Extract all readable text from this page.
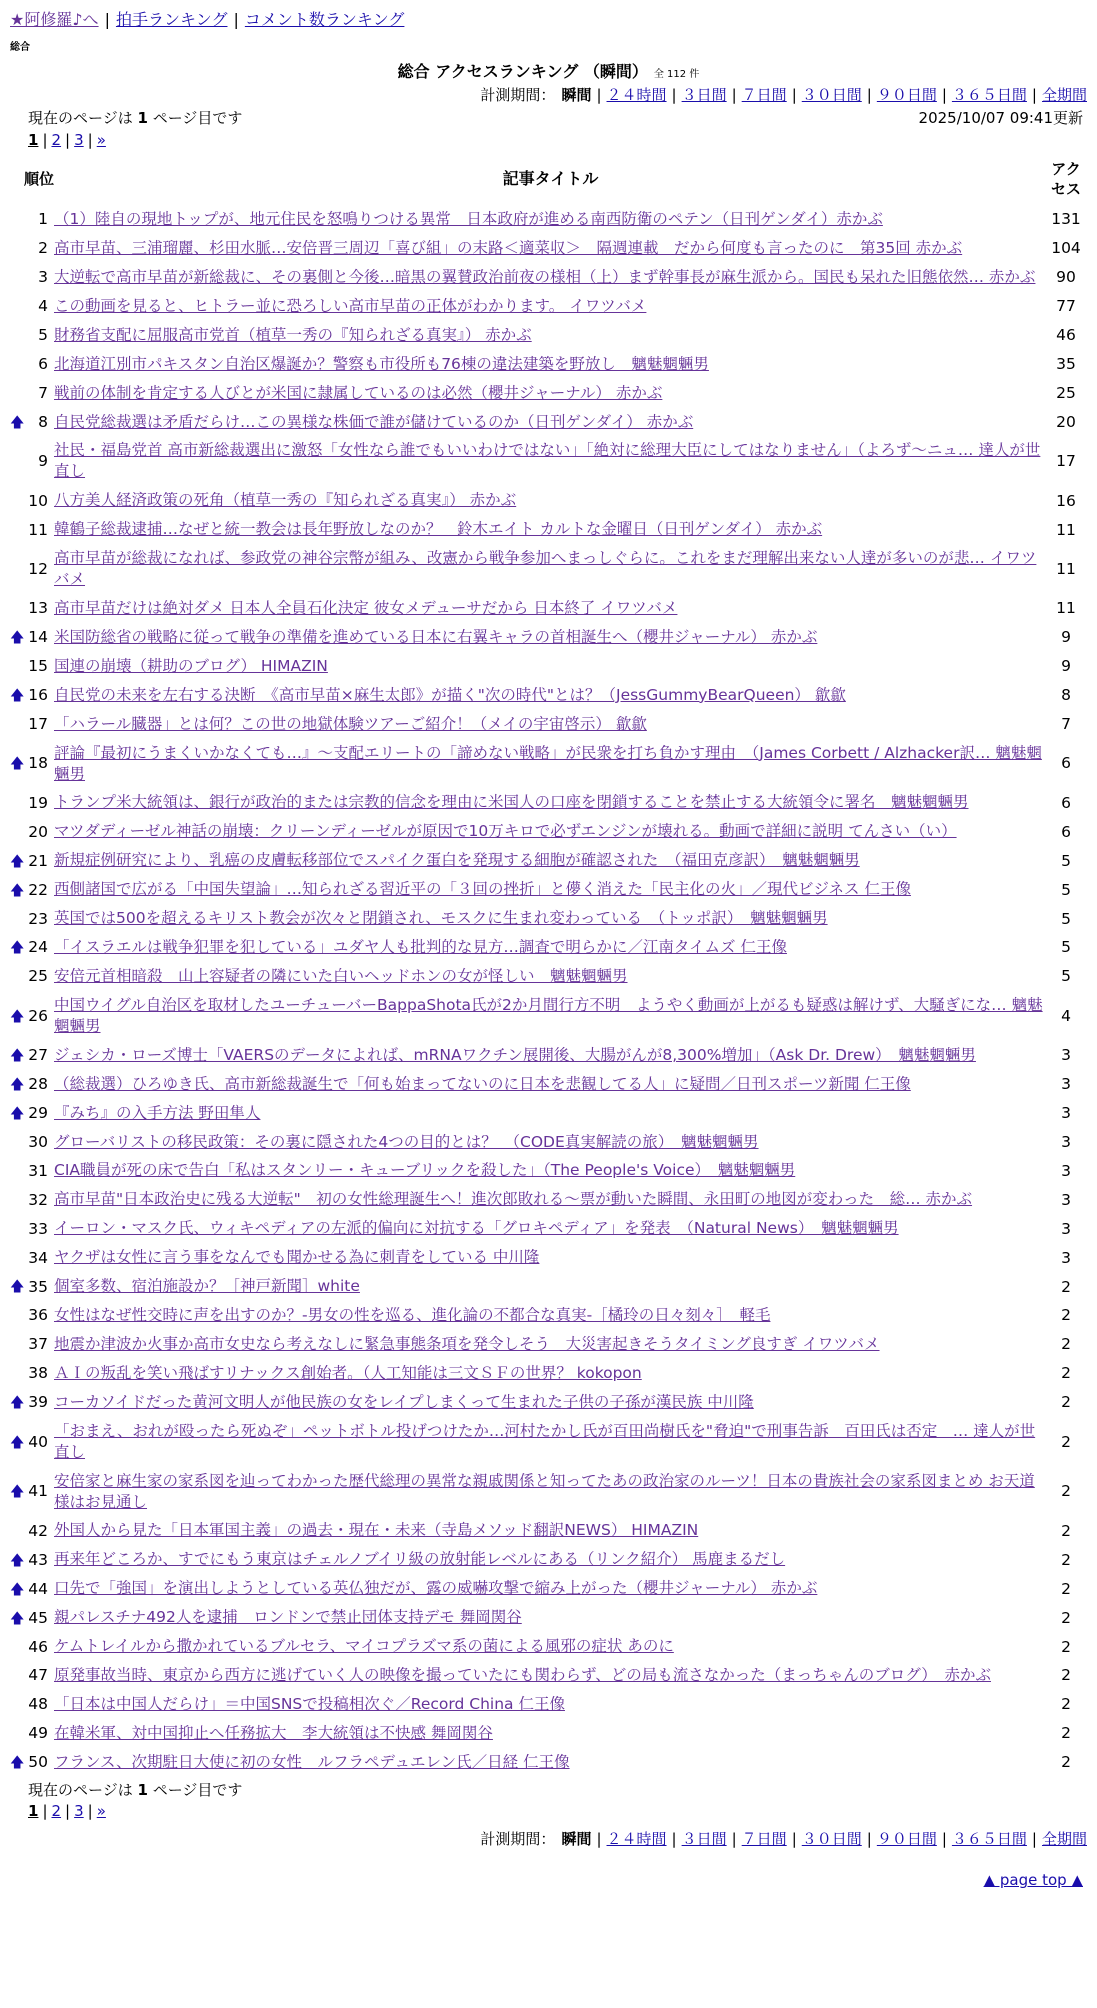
★阿修羅♪へ | 拍手ランキング | コメント数ランキング
総合
総合 アクセスランキング （瞬間） 全 112 件
計測期間： 瞬間 | ２４時間 | ３日間 | ７日間 | ３０日間 | ９０日間 | ３６５日間 | 全期間
現在のページは 1 ページ目です	2025/10/07 09:41更新
1 | 2 | 3 | »
	順位	記事タイトル	アクセス
	1	（1）陸自の現地トップが、地元住民を怒鳴りつける異常　日本政府が進める南西防衛のペテン（日刊ゲンダイ）赤かぶ	131
	2	高市早苗、三浦瑠麗、杉田水脈…安倍晋三周辺「喜び組」の末路＜適菜収＞　隔週連載　だから何度も言ったのに　第35回 赤かぶ	104
	3	大逆転で高市早苗が新総裁に、その裏側と今後…暗黒の翼賛政治前夜の様相（上）まず幹事長が麻生派から。国民も呆れた旧態依然… 赤かぶ	90
	4	この動画を見ると、ヒトラー並に恐ろしい高市早苗の正体がわかります。 イワツバメ	77
	5	財務省支配に屈服高市党首（植草一秀の『知られざる真実』） 赤かぶ	46
	6	北海道江別市パキスタン自治区爆誕か？警察も市役所も76棟の違法建築を野放し　魑魅魍魎男	35
	7	戦前の体制を肯定する人びとが米国に隷属しているのは必然（櫻井ジャーナル） 赤かぶ	25
🡅	8	自民党総裁選は矛盾だらけ…この異様な株価で誰が儲けているのか（日刊ゲンダイ） 赤かぶ	20
	9	社民・福島党首 高市新総裁選出に激怒「女性なら誰でもいいわけではない」「絶対に総理大臣にしてはなりません」（よろず〜ニュ… 達人が世直し	17
	10	八方美人経済政策の死角（植草一秀の『知られざる真実』） 赤かぶ	16
	11	韓鶴子総裁逮捕…なぜと統一教会は長年野放しなのか？　鈴木エイト カルトな金曜日（日刊ゲンダイ） 赤かぶ	11
	12	高市早苗が総裁になれば、参政党の神谷宗幣が組み、改憲から戦争参加へまっしぐらに。これをまだ理解出来ない人達が多いのが悲… イワツバメ	11
	13	高市早苗だけは絶対ダメ 日本人全員石化決定 彼女メデューサだから 日本終了 イワツバメ	11
🡅	14	米国防総省の戦略に従って戦争の準備を進めている日本に右翼キャラの首相誕生へ（櫻井ジャーナル） 赤かぶ	9
	15	国連の崩壊（耕助のブログ） HIMAZIN	9
🡅	16	自民党の未来を左右する決断　《高市早苗×麻生太郎》が描く"次の時代"とは？（JessGummyBearQueen） 歙歙	8
	17	「ハラール臓器」とは何？この世の地獄体験ツアーご紹介！（メイの宇宙啓示） 歙歙	7
🡅	18	評論『最初にうまくいかなくても…』〜支配エリートの「諦めない戦略」が民衆を打ち負かす理由　（James Corbett / Alzhacker訳… 魑魅魍魎男	6
	19	トランプ米大統領は、銀行が政治的または宗教的信念を理由に米国人の口座を閉鎖することを禁止する大統領令に署名　魑魅魍魎男	6
	20	マツダディーゼル神話の崩壊：クリーンディーゼルが原因で10万キロで必ずエンジンが壊れる。動画で詳細に説明 てんさい（い）	6
🡅	21	新規症例研究により、乳癌の皮膚転移部位でスパイク蛋白を発現する細胞が確認された　（福田克彦訳）　魑魅魍魎男	5
🡅	22	西側諸国で広がる「中国失望論」…知られざる習近平の「３回の挫折」と儚く消えた「民主化の火」／現代ビジネス 仁王像	5
	23	英国では500を超えるキリスト教会が次々と閉鎖され、モスクに生まれ変わっている　（トッポ訳）　魑魅魍魎男	5
🡅	24	「イスラエルは戦争犯罪を犯している」ユダヤ人も批判的な見方…調査で明らかに／江南タイムズ 仁王像	5
	25	安倍元首相暗殺　山上容疑者の隣にいた白いヘッドホンの女が怪しい　魑魅魍魎男	5
🡅	26	中国ウイグル自治区を取材したユーチューバーBappaShota氏が2か月間行方不明　ようやく動画が上がるも疑惑は解けず、大騒ぎにな… 魑魅魍魎男	4
🡅	27	ジェシカ・ローズ博士「VAERSのデータによれば、mRNAワクチン展開後、大腸がんが8,300%増加」（Ask Dr. Drew）　魑魅魍魎男	3
🡅	28	（総裁選）ひろゆき氏、高市新総裁誕生で「何も始まってないのに日本を悲観してる人」に疑問／日刊スポーツ新聞 仁王像	3
🡅	29	『みち』の入手方法 野田隼人	3
	30	グローバリストの移民政策：その裏に隠された4つの目的とは？　（CODE真実解読の旅）　魑魅魍魎男	3
	31	CIA職員が死の床で告白「私はスタンリー・キューブリックを殺した」（The People's Voice）　魑魅魍魎男	3
	32	高市早苗"日本政治史に残る大逆転"　初の女性総理誕生へ！進次郎敗れる〜票が動いた瞬間、永田町の地図が変わった　総… 赤かぶ	3
	33	イーロン・マスク氏、ウィキペディアの左派的偏向に対抗する「グロキペディア」を発表　（Natural News）　魑魅魍魎男	3
	34	ヤクザは女性に言う事をなんでも聞かせる為に刺青をしている 中川隆	3
🡅	35	個室多数、宿泊施設か？［神戸新聞］white	2
	36	女性はなぜ性交時に声を出すのか？-男女の性を巡る、進化論の不都合な真実-［橘玲の日々刻々］　軽毛	2
	37	地震か津波か火事か高市女史なら考えなしに緊急事態条項を発令しそう　大災害起きそうタイミング良すぎ イワツバメ	2
	38	ＡＩの叛乱を笑い飛ばすリナックス創始者。（人工知能は三文ＳＦの世界？ kokopon	2
🡅	39	コーカソイドだった黄河文明人が他民族の女をレイプしまくって生まれた子供の子孫が漢民族 中川隆	2
🡅	40	「おまえ、おれが殴ったら死ぬぞ」ペットボトル投げつけたか…河村たかし氏が百田尚樹氏を"脅迫"で刑事告訴　百田氏は否定　… 達人が世直し	2
🡅	41	安倍家と麻生家の家系図を辿ってわかった歴代総理の異常な親戚関係と知ってたあの政治家のルーツ！日本の貴族社会の家系図まとめ お天道様はお見通し	2
	42	外国人から見た「日本軍国主義」の過去・現在・未来（寺島メソッド翻訳NEWS） HIMAZIN	2
🡅	43	再来年どころか、すでにもう東京はチェルノブイリ級の放射能レベルにある（リンク紹介） 馬鹿まるだし	2
🡅	44	口先で「強国」を演出しようとしている英仏独だが、露の威嚇攻撃で縮み上がった（櫻井ジャーナル） 赤かぶ	2
🡅	45	親パレスチナ492人を逮捕　ロンドンで禁止団体支持デモ 舞岡関谷	2
	46	ケムトレイルから撒かれているブルセラ、マイコプラズマ系の菌による風邪の症状 あのに	2
	47	原発事故当時、東京から西方に逃げていく人の映像を撮っていたにも関わらず、どの局も流さなかった（まっちゃんのブログ）　赤かぶ	2
	48	「日本は中国人だらけ」＝中国SNSで投稿相次ぐ／Record China 仁王像	2
	49	在韓米軍、対中国抑止へ任務拡大　李大統領は不快感 舞岡関谷	2
🡅	50	フランス、次期駐日大使に初の女性　ルフラペデュエレン氏／日経 仁王像	2
現在のページは 1 ページ目です
1 | 2 | 3 | »
計測期間： 瞬間 | ２４時間 | ３日間 | ７日間 | ３０日間 | ９０日間 | ３６５日間 | 全期間
▲ page top ▲
